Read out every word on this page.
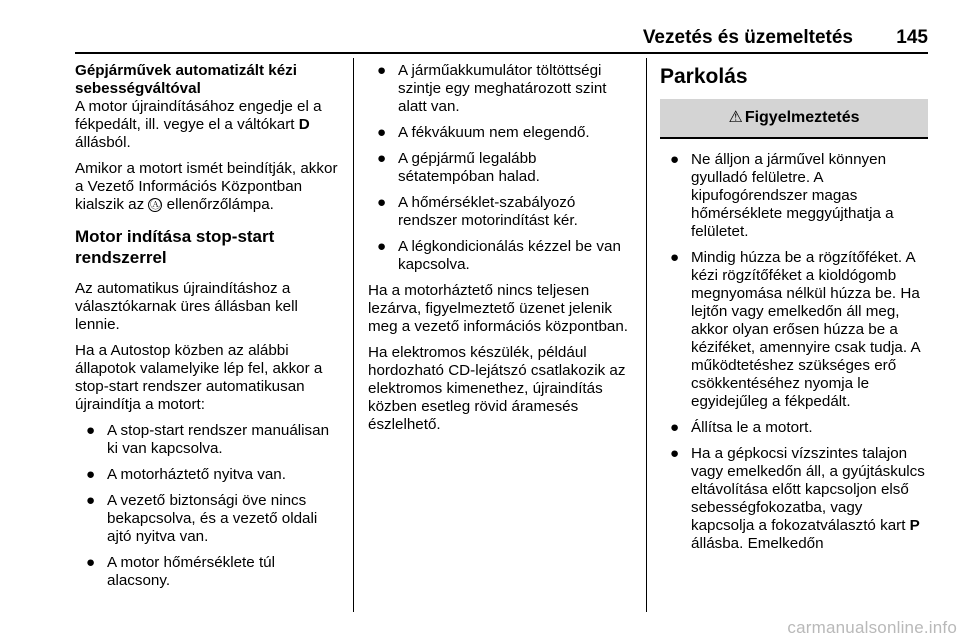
Vezetés és üzemeltetés	145

Gépjárművek automatizált kézi sebességváltóval

A motor újraindításához engedje el a fékpedált, ill. vegye el a váltókart D állásból.

Amikor a motort ismét beindítják, akkor a Vezető Információs Központban kialszik az Ⓐ ellenőrzőlámpa.

Motor indítása stop-start rendszerrel

Az automatikus újraindításhoz a választókarnak üres állásban kell lennie.

Ha a Autostop közben az alábbi állapotok valamelyike lép fel, akkor a stop-start rendszer automatikusan újraindítja a motort:

● A stop-start rendszer manuálisan ki van kapcsolva.
● A motorháztető nyitva van.
● A vezető biztonsági öve nincs bekapcsolva, és a vezető oldali ajtó nyitva van.
● A motor hőmérséklete túl alacsony.
● A járműakkumulátor töltöttségi szintje egy meghatározott szint alatt van.
● A fékvákuum nem elegendő.
● A gépjármű legalább sétatempóban halad.
● A hőmérséklet-szabályozó rendszer motorindítást kér.
● A légkondicionálás kézzel be van kapcsolva.

Ha a motorháztető nincs teljesen lezárva, figyelmeztető üzenet jelenik meg a vezető információs központban.

Ha elektromos készülék, például hordozható CD-lejátszó csatlakozik az elektromos kimenethez, újraindítás közben esetleg rövid áramesés észlelhető.

Parkolás
⚠ Figyelmeztetés
● Ne álljon a járművel könnyen gyulladó felületre. A kipufogórendszer magas hőmérséklete meggyújthatja a felületet.
● Mindig húzza be a rögzítőféket. A kézi rögzítőféket a kioldógomb megnyomása nélkül húzza be. Ha lejtőn vagy emelkedőn áll meg, akkor olyan erősen húzza be a kéziféket, amennyire csak tudja. A működtetéshez szükséges erő csökkentéséhez nyomja le egyidejűleg a fékpedált.
● Állítsa le a motort.
● Ha a gépkocsi vízszintes talajon vagy emelkedőn áll, a gyújtáskulcs eltávolítása előtt kapcsoljon első sebességfokozatba, vagy kapcsolja a fokozatválasztó kart P állásba. Emelkedőn
carmanualsonline.info
